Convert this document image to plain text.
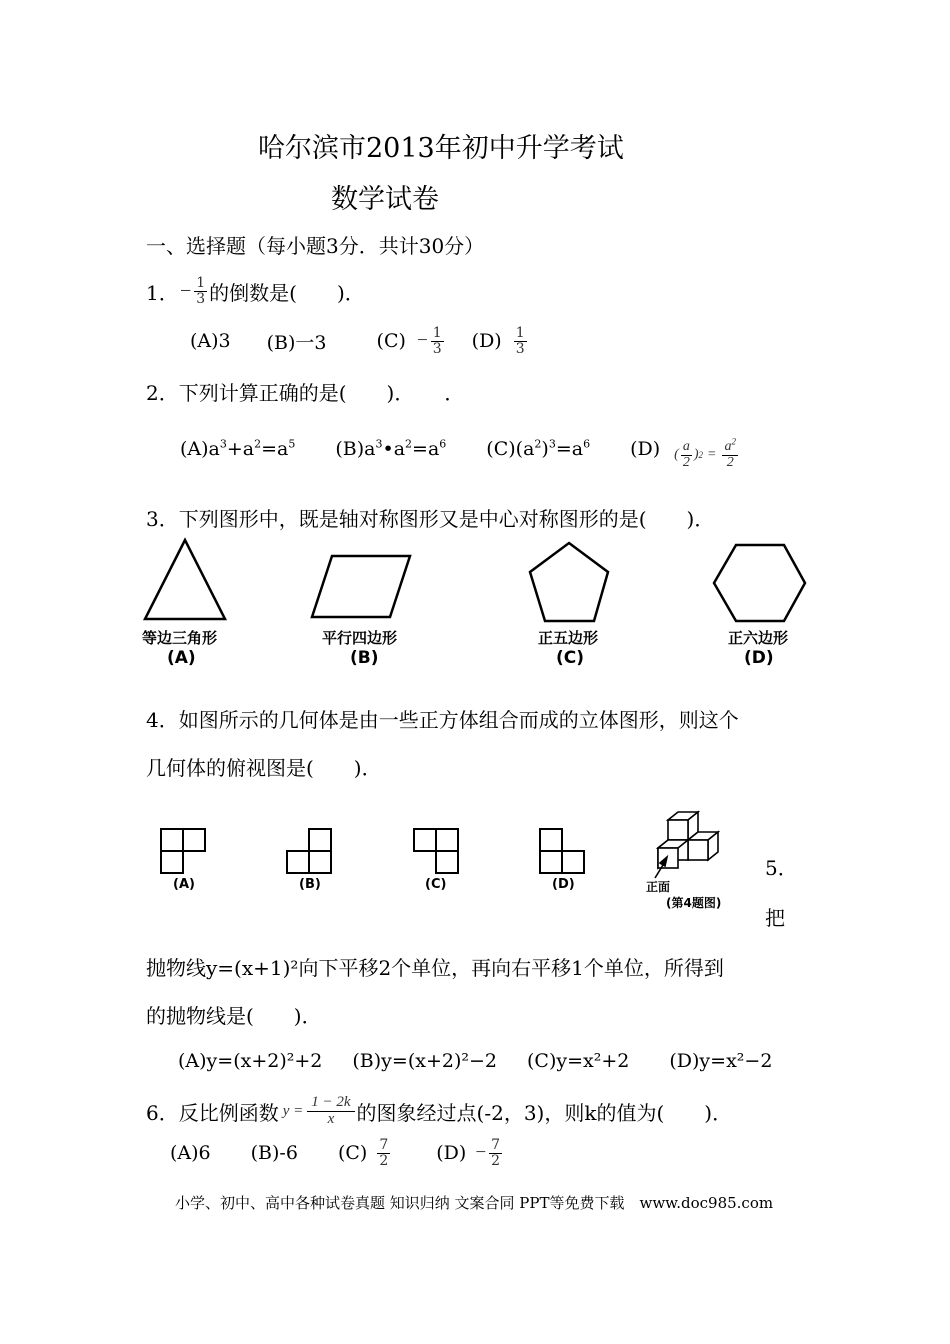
哈尔滨市2013年初中升学考试
数学试卷
一、选择题（每小题3分．共计30分）
1． − $\frac{1}{3}$ 的倒数是(　　)．
(A)3 (B)一3	$(C) - \frac{1}{3} (D) \frac{1}{3}$
2．下列计算正确的是(　　)．　　．
$(A)a^3+a^2=a^5$ $(B)a^3•a^2=a^6$ $(C)(a^2)^3=a^6$ (D) ( $\frac{a}{2}$ ) $2 = \frac{a^2}{2}$
3．下列图形中，既是轴对称图形又是中心对称图形的是(　　)．
等边三角形
(A)
平行四边形
(B)
正五边形
(C)
正六边形
(D)
4．如图所示的几何体是由一些正方体组合而成的立体图形，则这个
几何体的俯视图是(　　)．
(A)	(B)	(C)	(D)	正面
(第4题图)
5．
把
抛物线y=(x+1)²向下平移2个单位，再向右平移1个单位，所得到
的抛物线是(　　)．
(A)y=(x+2)²+2 (B)y=(x+2)²−2 (C)y=x²+2 (D)y=x²−2
6．反比例函数 $y = \frac{1 - 2k}{x}$ 的图象经过点(-2，3)，则k的值为(　　)．
(A)6 (B)-6 $(C) \frac{7}{2} (D) - \frac{7}{2}$
小学、初中、高中各种试卷真题 知识归纳 文案合同 PPT等免费下载　www.doc985.com
